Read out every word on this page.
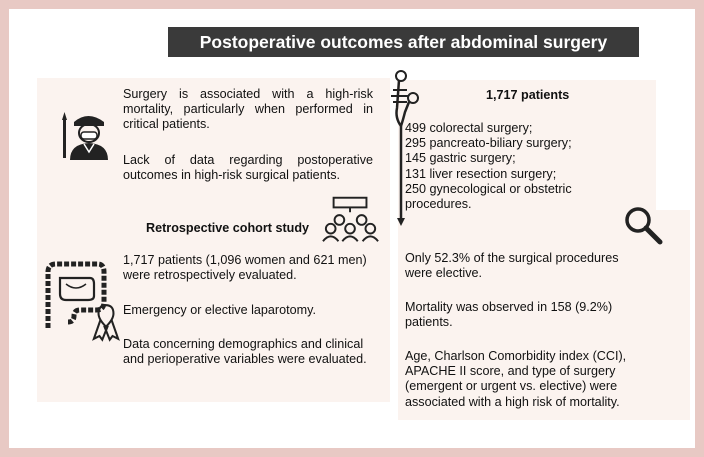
Postoperative outcomes after abdominal surgery
Surgery is associated with a high-risk mortality, particularly when performed in critical patients.
Lack of data regarding postoperative outcomes in high-risk surgical patients.
Retrospective cohort study
1,717 patients (1,096 women and 621 men) were retrospectively evaluated.
Emergency or elective laparotomy.
Data concerning demographics and clinical and perioperative variables were evaluated.
1,717 patients
499 colorectal surgery;
295 pancreato-biliary surgery;
145 gastric surgery;
131 liver resection surgery;
250 gynecological or obstetric procedures.
Only 52.3% of the surgical procedures were elective.
Mortality was observed in 158 (9.2%) patients.
Age, Charlson Comorbidity index (CCI), APACHE II score, and type of surgery (emergent or urgent vs. elective) were associated with a high risk of mortality.
